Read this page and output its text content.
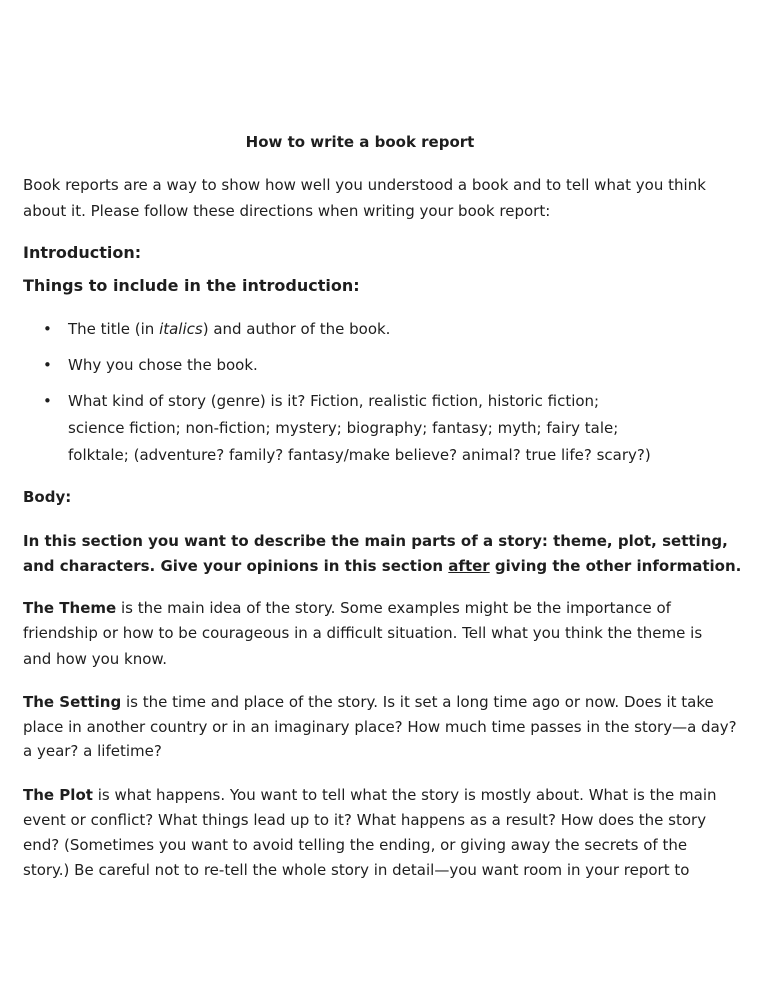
How to write a book report
Book reports are a way to show how well you understood a book and to tell what you think
about it. Please follow these directions when writing your book report:
Introduction:
Things to include in the introduction:
• The title (in italics) and author of the book.
• Why you chose the book.
• What kind of story (genre) is it? Fiction, realistic fiction, historic fiction;
science fiction; non-fiction; mystery; biography; fantasy; myth; fairy tale;
folktale; (adventure? family? fantasy/make believe? animal? true life? scary?)
Body:
In this section you want to describe the main parts of a story: theme, plot, setting,
and characters. Give your opinions in this section after giving the other information.
The Theme is the main idea of the story. Some examples might be the importance of
friendship or how to be courageous in a difficult situation. Tell what you think the theme is
and how you know.
The Setting is the time and place of the story. Is it set a long time ago or now. Does it take
place in another country or in an imaginary place? How much time passes in the story—a day?
a year? a lifetime?
The Plot is what happens. You want to tell what the story is mostly about. What is the main
event or conflict? What things lead up to it? What happens as a result? How does the story
end? (Sometimes you want to avoid telling the ending, or giving away the secrets of the
story.) Be careful not to re-tell the whole story in detail—you want room in your report to
